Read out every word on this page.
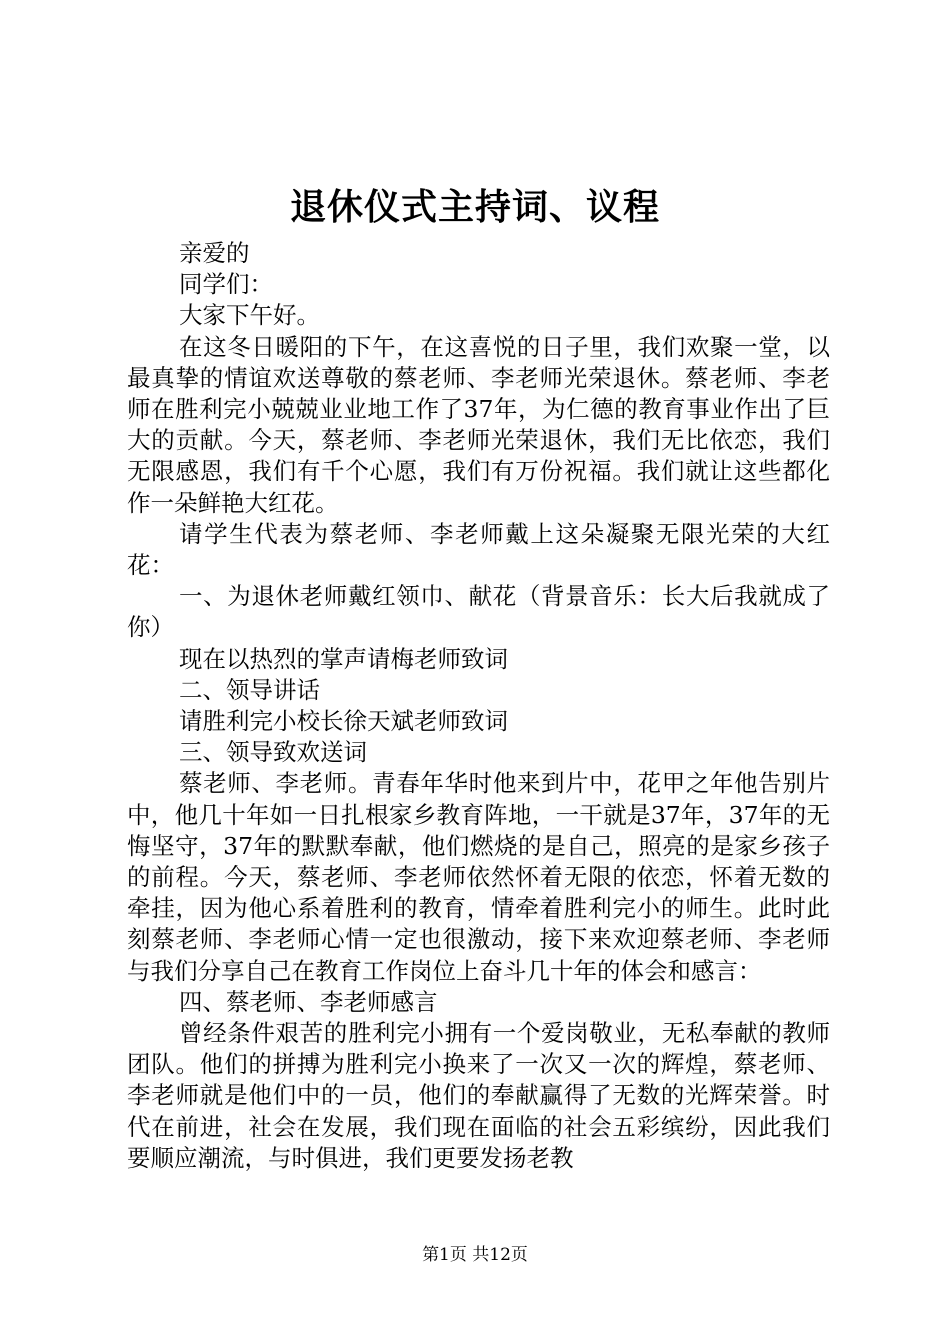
退休仪式主持词、议程

亲爱的

同学们：

大家下午好。

在这冬日暖阳的下午，在这喜悦的日子里，我们欢聚一堂，以最真挚的情谊欢送尊敬的蔡老师、李老师光荣退休。蔡老师、李老师在胜利完小兢兢业业地工作了37年，为仁德的教育事业作出了巨大的贡献。今天，蔡老师、李老师光荣退休，我们无比依恋，我们无限感恩，我们有千个心愿，我们有万份祝福。我们就让这些都化作一朵鲜艳大红花。

请学生代表为蔡老师、李老师戴上这朵凝聚无限光荣的大红花：

一、为退休老师戴红领巾、献花（背景音乐：长大后我就成了你）

现在以热烈的掌声请梅老师致词

二、领导讲话

请胜利完小校长徐天斌老师致词

三、领导致欢送词

蔡老师、李老师。青春年华时他来到片中，花甲之年他告别片中，他几十年如一日扎根家乡教育阵地，一干就是37年，37年的无悔坚守，37年的默默奉献，他们燃烧的是自己，照亮的是家乡孩子的前程。今天，蔡老师、李老师依然怀着无限的依恋，怀着无数的牵挂，因为他心系着胜利的教育，情牵着胜利完小的师生。此时此刻蔡老师、李老师心情一定也很激动，接下来欢迎蔡老师、李老师与我们分享自己在教育工作岗位上奋斗几十年的体会和感言：

四、蔡老师、李老师感言

曾经条件艰苦的胜利完小拥有一个爱岗敬业，无私奉献的教师团队。他们的拼搏为胜利完小换来了一次又一次的辉煌，蔡老师、李老师就是他们中的一员，他们的奉献赢得了无数的光辉荣誉。时代在前进，社会在发展，我们现在面临的社会五彩缤纷，因此我们要顺应潮流，与时俱进，我们更要发扬老教

第1页 共12页
